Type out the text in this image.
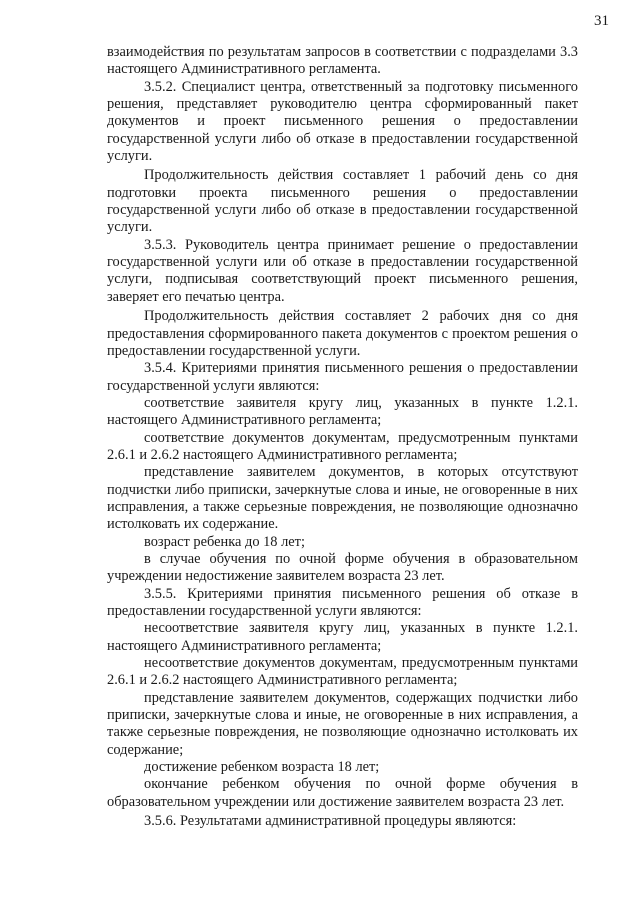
31

взаимодействия по результатам запросов в соответствии с подразделами 3.3 настоящего Административного регламента.

3.5.2. Специалист центра, ответственный за подготовку письменного решения, представляет руководителю центра сформированный пакет документов и проект письменного решения о предоставлении государственной услуги либо об отказе в предоставлении государственной услуги.

Продолжительность действия составляет 1 рабочий день со дня подготовки проекта письменного решения о предоставлении государственной услуги либо об отказе в предоставлении государственной услуги.

3.5.3. Руководитель центра принимает решение о предоставлении государственной услуги или об отказе в предоставлении государственной услуги, подписывая соответствующий проект письменного решения, заверяет его печатью центра.

Продолжительность действия составляет 2 рабочих дня со дня предоставления сформированного пакета документов с проектом решения о предоставлении государственной услуги.

3.5.4. Критериями принятия письменного решения о предоставлении государственной услуги являются:

соответствие заявителя кругу лиц, указанных в пункте 1.2.1. настоящего Административного регламента;

соответствие документов документам, предусмотренным пунктами 2.6.1 и 2.6.2 настоящего Административного регламента;

представление заявителем документов, в которых отсутствуют подчистки либо приписки, зачеркнутые слова и иные, не оговоренные в них исправления, а также серьезные повреждения, не позволяющие однозначно истолковать их содержание.

возраст ребенка до 18 лет;

в случае обучения по очной форме обучения в образовательном учреждении недостижение заявителем возраста 23 лет.

3.5.5. Критериями принятия письменного решения об отказе в предоставлении государственной услуги являются:

несоответствие заявителя кругу лиц, указанных в пункте 1.2.1. настоящего Административного регламента;

несоответствие документов документам, предусмотренным пунктами 2.6.1 и 2.6.2 настоящего Административного регламента;

представление заявителем документов, содержащих подчистки либо приписки, зачеркнутые слова и иные, не оговоренные в них исправления, а также серьезные повреждения, не позволяющие однозначно истолковать их содержание;

достижение ребенком возраста 18 лет;

окончание ребенком обучения по очной форме обучения в образовательном учреждении или достижение заявителем возраста 23 лет.

3.5.6. Результатами административной процедуры являются:
